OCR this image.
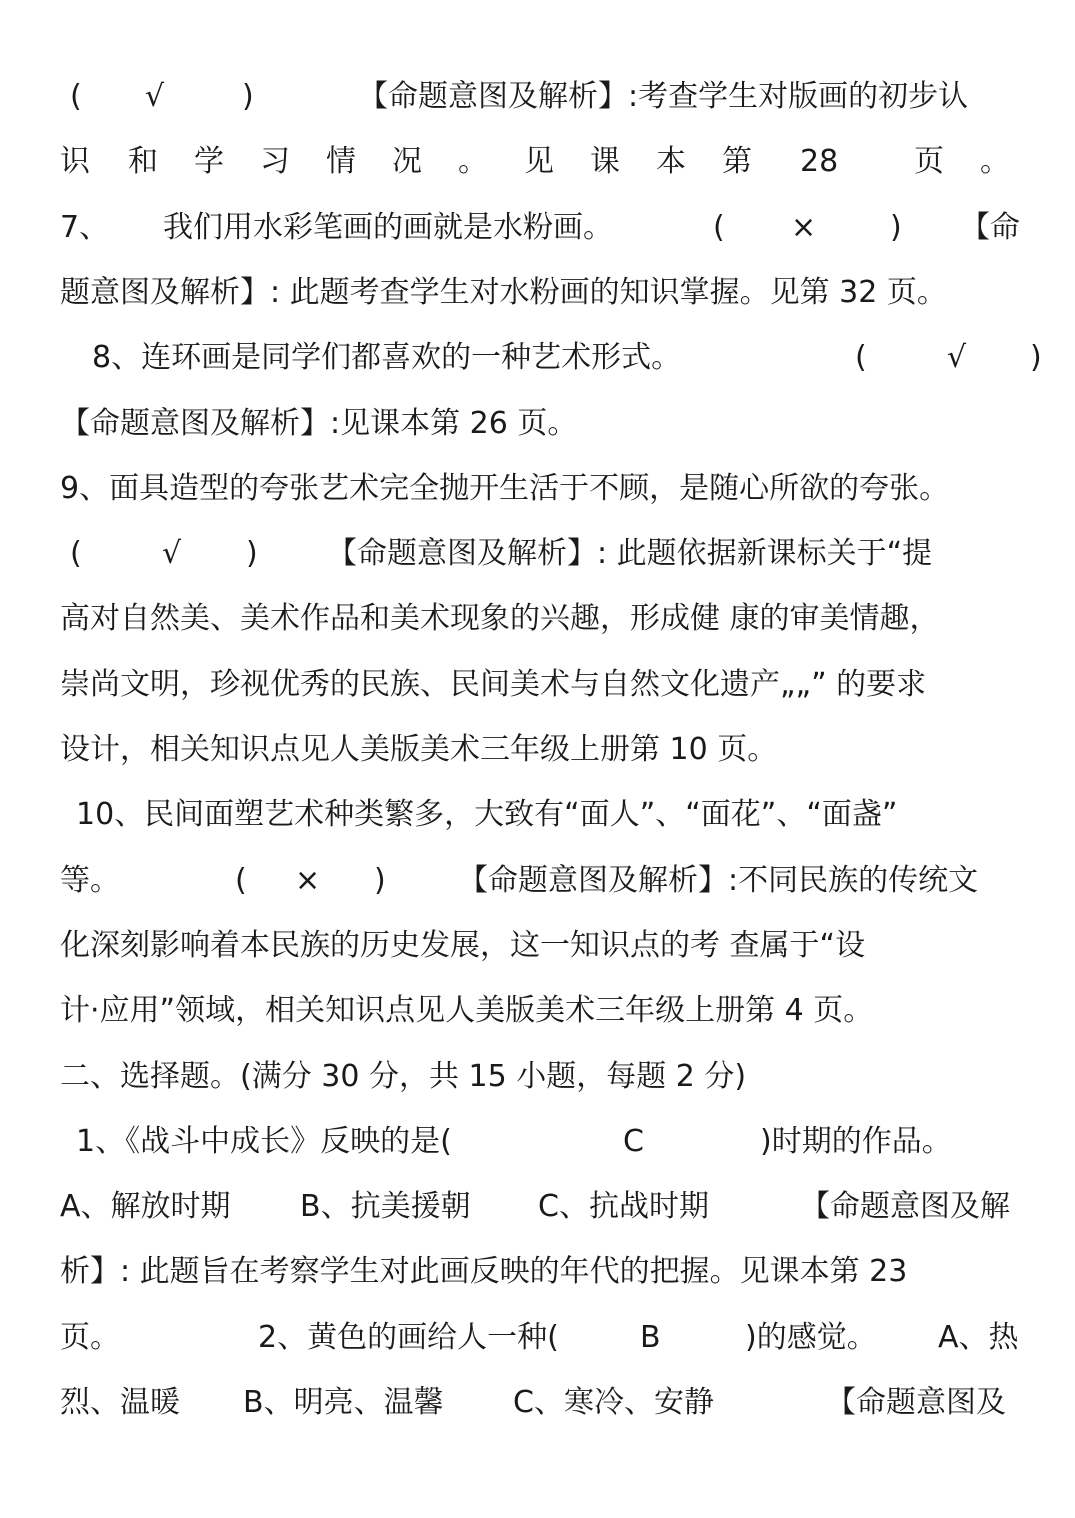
( √	)	【命题意图及解析】:考查学生对版画的初步认
识 和 学 习 情 况 。 见 课 本 第 28	页 。
7、 我们用水彩笔画的画就是水粉画。	( × ) 【命
题意图及解析】: 此题考查学生对水粉画的知识掌握。见第 32 页。
8、连环画是同学们都喜欢的一种艺术形式。	(	√ )
【命题意图及解析】:见课本第 26 页。
9、面具造型的夸张艺术完全抛开生活于不顾，是随心所欲的夸张。
(	√ ) 【命题意图及解析】: 此题依据新课标关于“提
高对自然美、美术作品和美术现象的兴趣，形成健 康的审美情趣，
崇尚文明，珍视优秀的民族、民间美术与自然文化遗产„„” 的要求
设计，相关知识点见人美版美术三年级上册第 10 页。
10、民间面塑艺术种类繁多，大致有“面人”、“面花”、“面盏”
等。	( × ) 【命题意图及解析】:不同民族的传统文
化深刻影响着本民族的历史发展，这一知识点的考 查属于“设
计·应用”领域，相关知识点见人美版美术三年级上册第 4 页。
二、选择题。(满分 30 分，共 15 小题，每题 2 分)
1、《战斗中成长》反映的是(	C	)时期的作品。
A、解放时期 B、抗美援朝 C、抗战时期	【命题意图及解
析】: 此题旨在考察学生对此画反映的年代的把握。见课本第 23
页。	2、黄色的画给人一种(	B	)的感觉。 A、热
烈、温暖 B、明亮、温馨 C、寒冷、安静	【命题意图及
